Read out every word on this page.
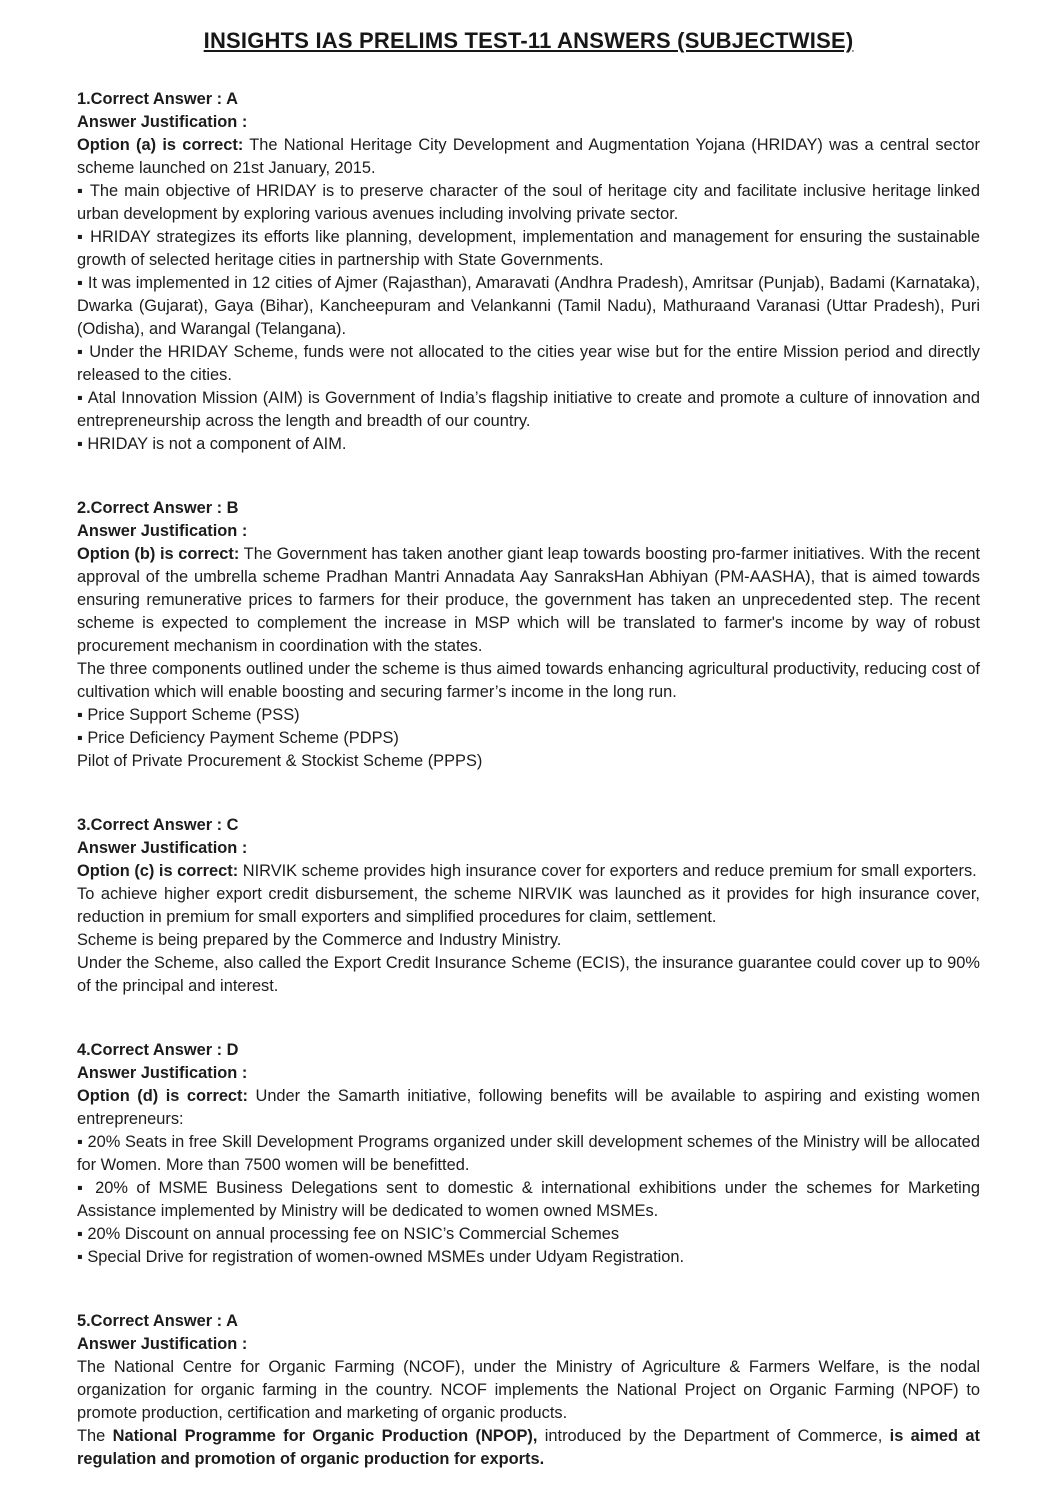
INSIGHTS IAS PRELIMS TEST-11 ANSWERS (SUBJECTWISE)

1.Correct Answer : A

Answer Justification :

Option (a) is correct: The National Heritage City Development and Augmentation Yojana (HRIDAY) was a central sector scheme launched on 21st January, 2015.

▪ The main objective of HRIDAY is to preserve character of the soul of heritage city and facilitate inclusive heritage linked urban development by exploring various avenues including involving private sector.

▪ HRIDAY strategizes its efforts like planning, development, implementation and management for ensuring the sustainable growth of selected heritage cities in partnership with State Governments.

▪ It was implemented in 12 cities of Ajmer (Rajasthan), Amaravati (Andhra Pradesh), Amritsar (Punjab), Badami (Karnataka), Dwarka (Gujarat), Gaya (Bihar), Kancheepuram and Velankanni (Tamil Nadu), Mathuraand Varanasi (Uttar Pradesh), Puri (Odisha), and Warangal (Telangana).

▪ Under the HRIDAY Scheme, funds were not allocated to the cities year wise but for the entire Mission period and directly released to the cities.

▪ Atal Innovation Mission (AIM) is Government of India’s flagship initiative to create and promote a culture of innovation and entrepreneurship across the length and breadth of our country.

▪ HRIDAY is not a component of AIM.

2.Correct Answer : B

Answer Justification :

Option (b) is correct: The Government has taken another giant leap towards boosting pro-farmer initiatives. With the recent approval of the umbrella scheme Pradhan Mantri Annadata Aay SanraksHan Abhiyan (PM-AASHA), that is aimed towards ensuring remunerative prices to farmers for their produce, the government has taken an unprecedented step. The recent scheme is expected to complement the increase in MSP which will be translated to farmer's income by way of robust procurement mechanism in coordination with the states.

The three components outlined under the scheme is thus aimed towards enhancing agricultural productivity, reducing cost of cultivation which will enable boosting and securing farmer’s income in the long run.

▪ Price Support Scheme (PSS)

▪ Price Deficiency Payment Scheme (PDPS)

Pilot of Private Procurement & Stockist Scheme (PPPS)

3.Correct Answer : C

Answer Justification :

Option (c) is correct: NIRVIK scheme provides high insurance cover for exporters and reduce premium for small exporters.

To achieve higher export credit disbursement, the scheme NIRVIK was launched as it provides for high insurance cover, reduction in premium for small exporters and simplified procedures for claim, settlement.

Scheme is being prepared by the Commerce and Industry Ministry.

Under the Scheme, also called the Export Credit Insurance Scheme (ECIS), the insurance guarantee could cover up to 90% of the principal and interest.

4.Correct Answer : D

Answer Justification :

Option (d) is correct: Under the Samarth initiative, following benefits will be available to aspiring and existing women entrepreneurs:

▪ 20% Seats in free Skill Development Programs organized under skill development schemes of the Ministry will be allocated for Women. More than 7500 women will be benefitted.

▪ 20% of MSME Business Delegations sent to domestic & international exhibitions under the schemes for Marketing Assistance implemented by Ministry will be dedicated to women owned MSMEs.

▪ 20% Discount on annual processing fee on NSIC’s Commercial Schemes

▪ Special Drive for registration of women-owned MSMEs under Udyam Registration.

5.Correct Answer : A

Answer Justification :

The National Centre for Organic Farming (NCOF), under the Ministry of Agriculture & Farmers Welfare, is the nodal organization for organic farming in the country. NCOF implements the National Project on Organic Farming (NPOF) to promote production, certification and marketing of organic products.

The National Programme for Organic Production (NPOP), introduced by the Department of Commerce, is aimed at regulation and promotion of organic production for exports.
